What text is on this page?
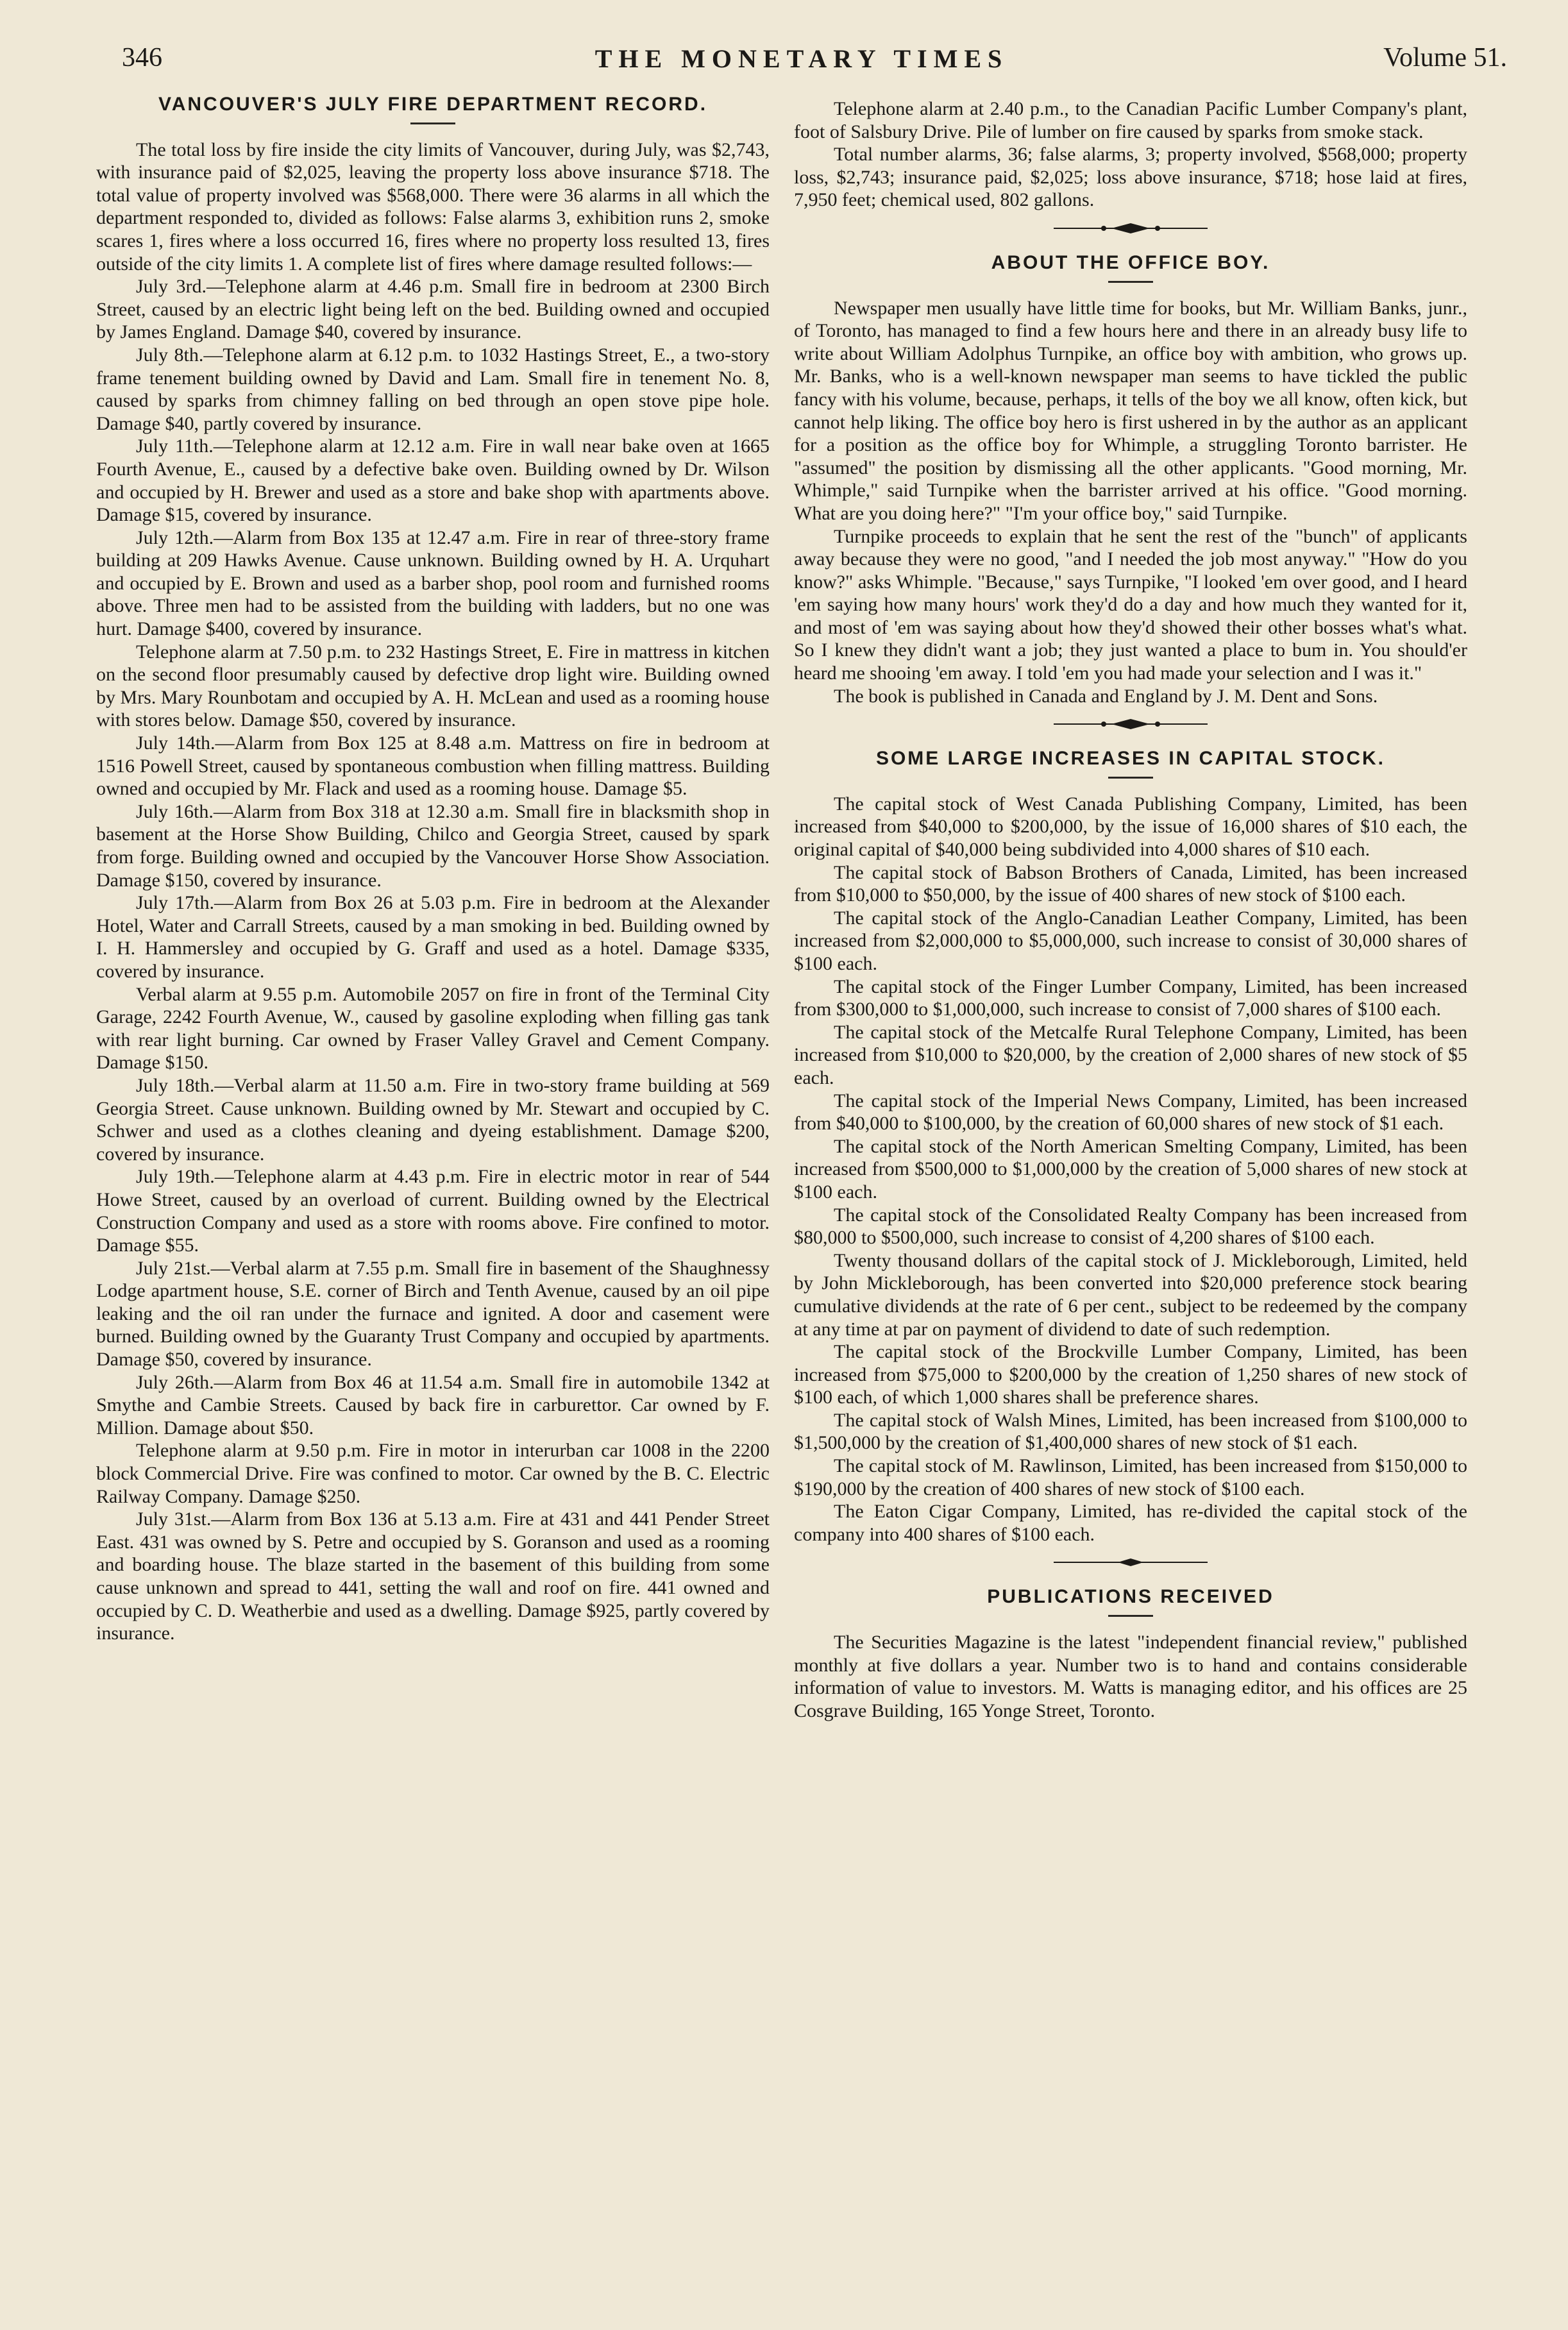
346	THE MONETARY TIMES	Volume 51.
VANCOUVER'S JULY FIRE DEPARTMENT RECORD.

The total loss by fire inside the city limits of Vancouver, during July, was $2,743, with insurance paid of $2,025, leaving the property loss above insurance $718. The total value of property involved was $568,000. There were 36 alarms in all which the department responded to, divided as follows: False alarms 3, exhibition runs 2, smoke scares 1, fires where a loss occurred 16, fires where no property loss resulted 13, fires outside of the city limits 1. A complete list of fires where damage resulted follows:—

July 3rd.—Telephone alarm at 4.46 p.m. Small fire in bedroom at 2300 Birch Street, caused by an electric light being left on the bed. Building owned and occupied by James England. Damage $40, covered by insurance.

July 8th.—Telephone alarm at 6.12 p.m. to 1032 Hastings Street, E., a two-story frame tenement building owned by David and Lam. Small fire in tenement No. 8, caused by sparks from chimney falling on bed through an open stove pipe hole. Damage $40, partly covered by insurance.

July 11th.—Telephone alarm at 12.12 a.m. Fire in wall near bake oven at 1665 Fourth Avenue, E., caused by a defective bake oven. Building owned by Dr. Wilson and occupied by H. Brewer and used as a store and bake shop with apartments above. Damage $15, covered by insurance.

July 12th.—Alarm from Box 135 at 12.47 a.m. Fire in rear of three-story frame building at 209 Hawks Avenue. Cause unknown. Building owned by H. A. Urquhart and occupied by E. Brown and used as a barber shop, pool room and furnished rooms above. Three men had to be assisted from the building with ladders, but no one was hurt. Damage $400, covered by insurance.

Telephone alarm at 7.50 p.m. to 232 Hastings Street, E. Fire in mattress in kitchen on the second floor presumably caused by defective drop light wire. Building owned by Mrs. Mary Rounbotam and occupied by A. H. McLean and used as a rooming house with stores below. Damage $50, covered by insurance.

July 14th.—Alarm from Box 125 at 8.48 a.m. Mattress on fire in bedroom at 1516 Powell Street, caused by spontaneous combustion when filling mattress. Building owned and occupied by Mr. Flack and used as a rooming house. Damage $5.

July 16th.—Alarm from Box 318 at 12.30 a.m. Small fire in blacksmith shop in basement at the Horse Show Building, Chilco and Georgia Street, caused by spark from forge. Building owned and occupied by the Vancouver Horse Show Association. Damage $150, covered by insurance.

July 17th.—Alarm from Box 26 at 5.03 p.m. Fire in bedroom at the Alexander Hotel, Water and Carrall Streets, caused by a man smoking in bed. Building owned by I. H. Hammersley and occupied by G. Graff and used as a hotel. Damage $335, covered by insurance.

Verbal alarm at 9.55 p.m. Automobile 2057 on fire in front of the Terminal City Garage, 2242 Fourth Avenue, W., caused by gasoline exploding when filling gas tank with rear light burning. Car owned by Fraser Valley Gravel and Cement Company. Damage $150.

July 18th.—Verbal alarm at 11.50 a.m. Fire in two-story frame building at 569 Georgia Street. Cause unknown. Building owned by Mr. Stewart and occupied by C. Schwer and used as a clothes cleaning and dyeing establishment. Damage $200, covered by insurance.

July 19th.—Telephone alarm at 4.43 p.m. Fire in electric motor in rear of 544 Howe Street, caused by an overload of current. Building owned by the Electrical Construction Company and used as a store with rooms above. Fire confined to motor. Damage $55.

July 21st.—Verbal alarm at 7.55 p.m. Small fire in basement of the Shaughnessy Lodge apartment house, S.E. corner of Birch and Tenth Avenue, caused by an oil pipe leaking and the oil ran under the furnace and ignited. A door and casement were burned. Building owned by the Guaranty Trust Company and occupied by apartments. Damage $50, covered by insurance.

July 26th.—Alarm from Box 46 at 11.54 a.m. Small fire in automobile 1342 at Smythe and Cambie Streets. Caused by back fire in carburettor. Car owned by F. Million. Damage about $50.

Telephone alarm at 9.50 p.m. Fire in motor in interurban car 1008 in the 2200 block Commercial Drive. Fire was confined to motor. Car owned by the B. C. Electric Railway Company. Damage $250.

July 31st.—Alarm from Box 136 at 5.13 a.m. Fire at 431 and 441 Pender Street East. 431 was owned by S. Petre and occupied by S. Goranson and used as a rooming and boarding house. The blaze started in the basement of this building from some cause unknown and spread to 441, setting the wall and roof on fire. 441 owned and occupied by C. D. Weatherbie and used as a dwelling. Damage $925, partly covered by insurance.

Telephone alarm at 2.40 p.m., to the Canadian Pacific Lumber Company's plant, foot of Salsbury Drive. Pile of lumber on fire caused by sparks from smoke stack.

Total number alarms, 36; false alarms, 3; property involved, $568,000; property loss, $2,743; insurance paid, $2,025; loss above insurance, $718; hose laid at fires, 7,950 feet; chemical used, 802 gallons.

ABOUT THE OFFICE BOY.

Newspaper men usually have little time for books, but Mr. William Banks, junr., of Toronto, has managed to find a few hours here and there in an already busy life to write about William Adolphus Turnpike, an office boy with ambition, who grows up. Mr. Banks, who is a well-known newspaper man seems to have tickled the public fancy with his volume, because, perhaps, it tells of the boy we all know, often kick, but cannot help liking. The office boy hero is first ushered in by the author as an applicant for a position as the office boy for Whimple, a struggling Toronto barrister. He "assumed" the position by dismissing all the other applicants. "Good morning, Mr. Whimple," said Turnpike when the barrister arrived at his office. "Good morning. What are you doing here?" "I'm your office boy," said Turnpike.

Turnpike proceeds to explain that he sent the rest of the "bunch" of applicants away because they were no good, "and I needed the job most anyway." "How do you know?" asks Whimple. "Because," says Turnpike, "I looked 'em over good, and I heard 'em saying how many hours' work they'd do a day and how much they wanted for it, and most of 'em was saying about how they'd showed their other bosses what's what. So I knew they didn't want a job; they just wanted a place to bum in. You should'er heard me shooing 'em away. I told 'em you had made your selection and I was it."

The book is published in Canada and England by J. M. Dent and Sons.

SOME LARGE INCREASES IN CAPITAL STOCK.

The capital stock of West Canada Publishing Company, Limited, has been increased from $40,000 to $200,000, by the issue of 16,000 shares of $10 each, the original capital of $40,000 being subdivided into 4,000 shares of $10 each.

The capital stock of Babson Brothers of Canada, Limited, has been increased from $10,000 to $50,000, by the issue of 400 shares of new stock of $100 each.

The capital stock of the Anglo-Canadian Leather Company, Limited, has been increased from $2,000,000 to $5,000,000, such increase to consist of 30,000 shares of $100 each.

The capital stock of the Finger Lumber Company, Limited, has been increased from $300,000 to $1,000,000, such increase to consist of 7,000 shares of $100 each.

The capital stock of the Metcalfe Rural Telephone Company, Limited, has been increased from $10,000 to $20,000, by the creation of 2,000 shares of new stock of $5 each.

The capital stock of the Imperial News Company, Limited, has been increased from $40,000 to $100,000, by the creation of 60,000 shares of new stock of $1 each.

The capital stock of the North American Smelting Company, Limited, has been increased from $500,000 to $1,000,000 by the creation of 5,000 shares of new stock at $100 each.

The capital stock of the Consolidated Realty Company has been increased from $80,000 to $500,000, such increase to consist of 4,200 shares of $100 each.

Twenty thousand dollars of the capital stock of J. Mickleborough, Limited, held by John Mickleborough, has been converted into $20,000 preference stock bearing cumulative dividends at the rate of 6 per cent., subject to be redeemed by the company at any time at par on payment of dividend to date of such redemption.

The capital stock of the Brockville Lumber Company, Limited, has been increased from $75,000 to $200,000 by the creation of 1,250 shares of new stock of $100 each, of which 1,000 shares shall be preference shares.

The capital stock of Walsh Mines, Limited, has been increased from $100,000 to $1,500,000 by the creation of $1,400,000 shares of new stock of $1 each.

The capital stock of M. Rawlinson, Limited, has been increased from $150,000 to $190,000 by the creation of 400 shares of new stock of $100 each.

The Eaton Cigar Company, Limited, has re-divided the capital stock of the company into 400 shares of $100 each.

PUBLICATIONS RECEIVED

The Securities Magazine is the latest "independent financial review," published monthly at five dollars a year. Number two is to hand and contains considerable information of value to investors. M. Watts is managing editor, and his offices are 25 Cosgrave Building, 165 Yonge Street, Toronto.
